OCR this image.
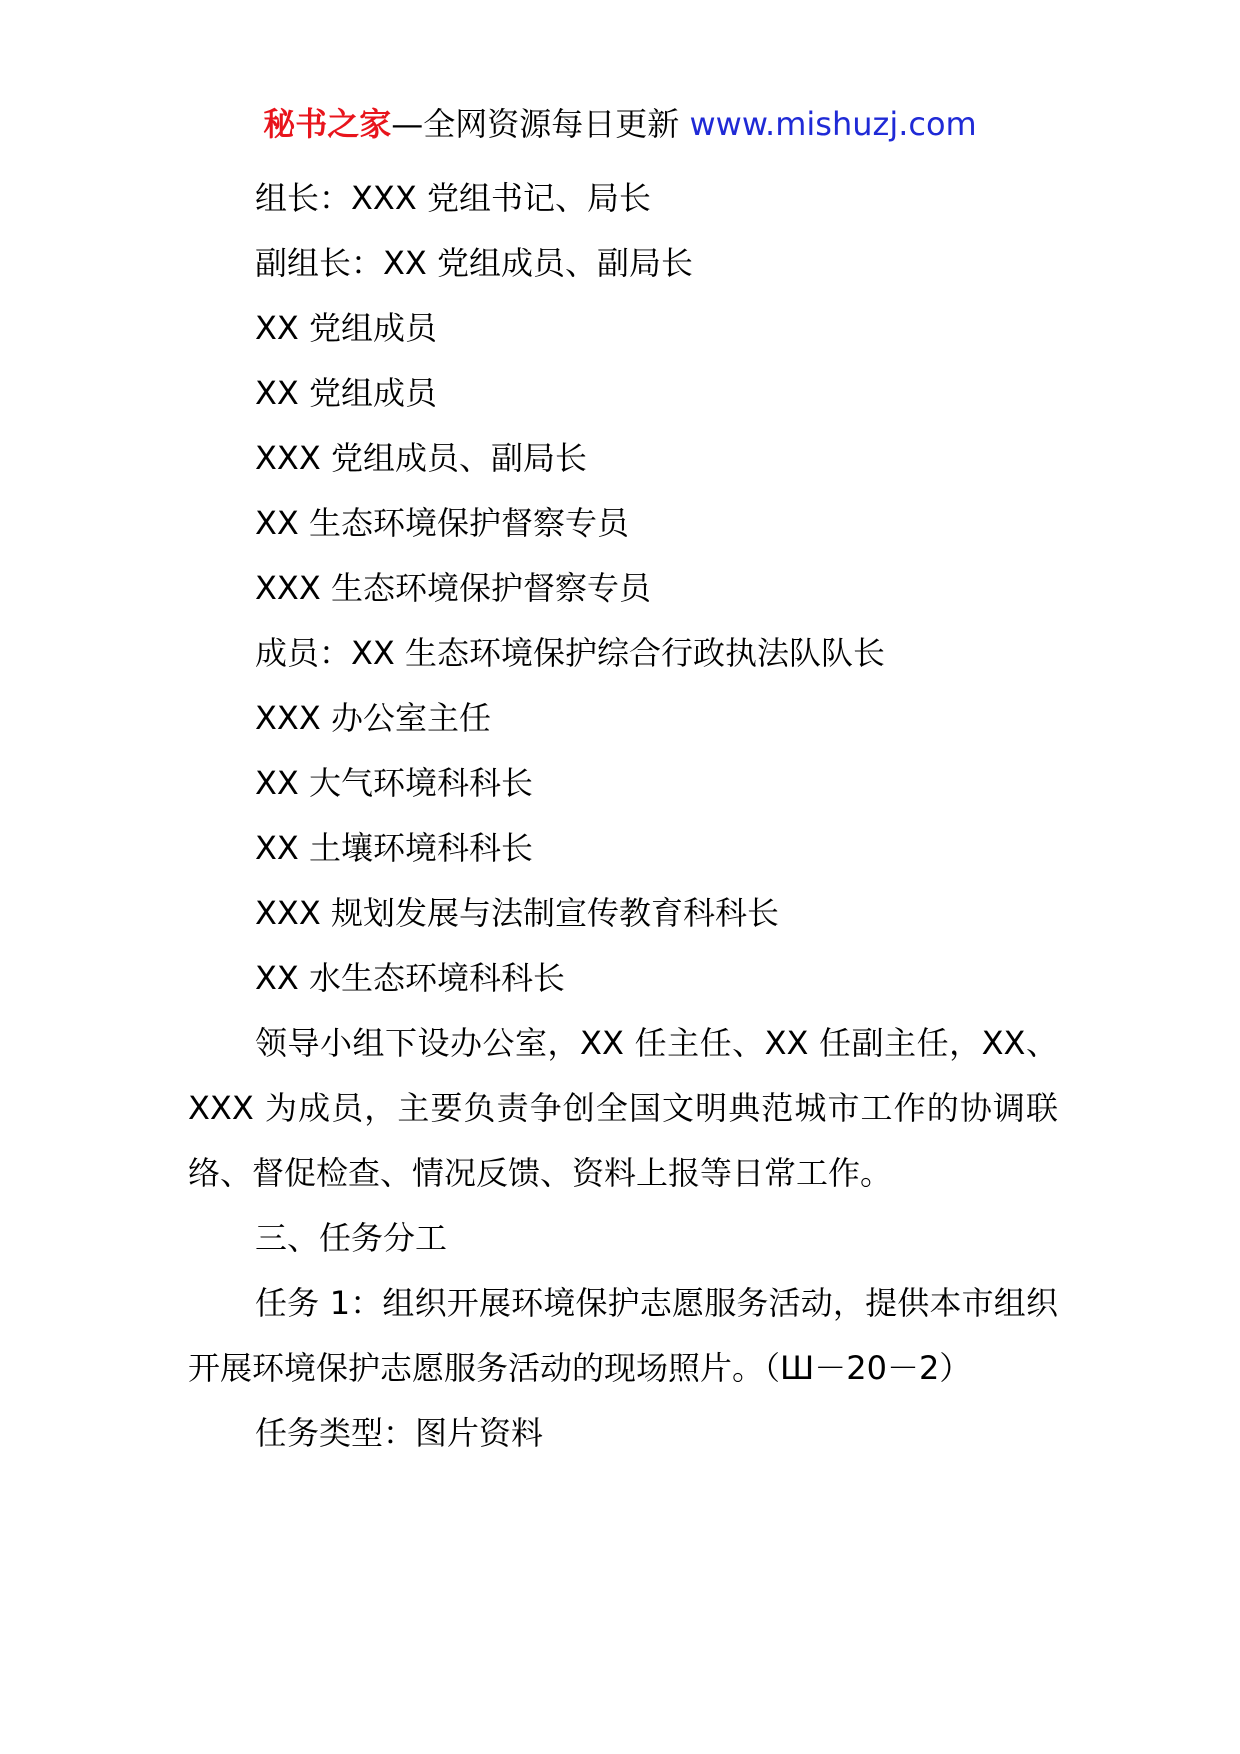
秘书之家—全网资源每日更新 www.mishuzj.com
组长：XXX 党组书记、局长
副组长：XX 党组成员、副局长
XX 党组成员
XX 党组成员
XXX 党组成员、副局长
XX 生态环境保护督察专员
XXX 生态环境保护督察专员
成员：XX 生态环境保护综合行政执法队队长
XXX 办公室主任
XX 大气环境科科长
XX 土壤环境科科长
XXX 规划发展与法制宣传教育科科长
XX 水生态环境科科长

领导小组下设办公室，XX 任主任、XX 任副主任，XX、XXX 为成员，主要负责争创全国文明典范城市工作的协调联络、督促检查、情况反馈、资料上报等日常工作。

三、任务分工

任务 1：组织开展环境保护志愿服务活动，提供本市组织开展环境保护志愿服务活动的现场照片。（Ш－20－2）

任务类型：图片资料
